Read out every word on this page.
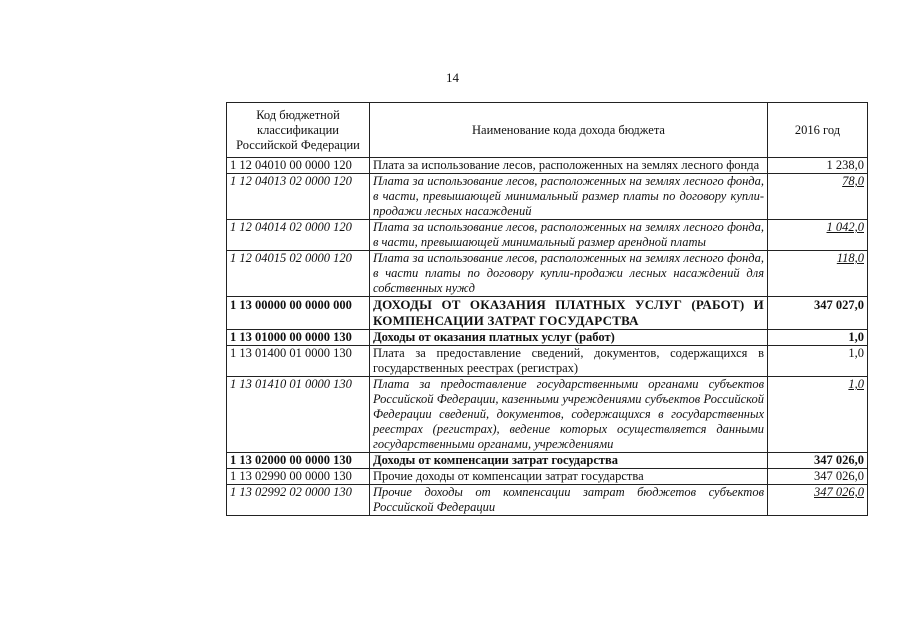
14
Код бюджетной классификации Российской Федерации	Наименование кода дохода бюджета	2016 год
1 12 04010 00 0000 120	Плата за использование лесов, расположенных на землях лесного фонда	1 238,0
1 12 04013 02 0000 120	Плата за использование лесов, расположенных на землях лесного фонда, в части, превышающей минимальный размер платы по договору купли-продажи лесных насаждений	78,0
1 12 04014 02 0000 120	Плата за использование лесов, расположенных на землях лесного фонда, в части, превышающей минимальный размер арендной платы	1 042,0
1 12 04015 02 0000 120	Плата за использование лесов, расположенных на землях лесного фонда, в части платы по договору купли-продажи лесных насаждений для собственных нужд	118,0
1 13 00000 00 0000 000	ДОХОДЫ ОТ ОКАЗАНИЯ ПЛАТНЫХ УСЛУГ (РАБОТ) И КОМПЕНСАЦИИ ЗАТРАТ ГОСУДАРСТВА	347 027,0
1 13 01000 00 0000 130	Доходы от оказания платных услуг (работ)	1,0
1 13 01400 01 0000 130	Плата за предоставление сведений, документов, содержащихся в государственных реестрах (регистрах)	1,0
1 13 01410 01 0000 130	Плата за предоставление государственными органами субъектов Российской Федерации, казенными учреждениями субъектов Российской Федерации сведений, документов, содержащихся в государственных реестрах (регистрах), ведение которых осуществляется данными государственными органами, учреждениями	1,0
1 13 02000 00 0000 130	Доходы от компенсации затрат государства	347 026,0
1 13 02990 00 0000 130	Прочие доходы от компенсации затрат государства	347 026,0
1 13 02992 02 0000 130	Прочие доходы от компенсации затрат бюджетов субъектов Российской Федерации	347 026,0
